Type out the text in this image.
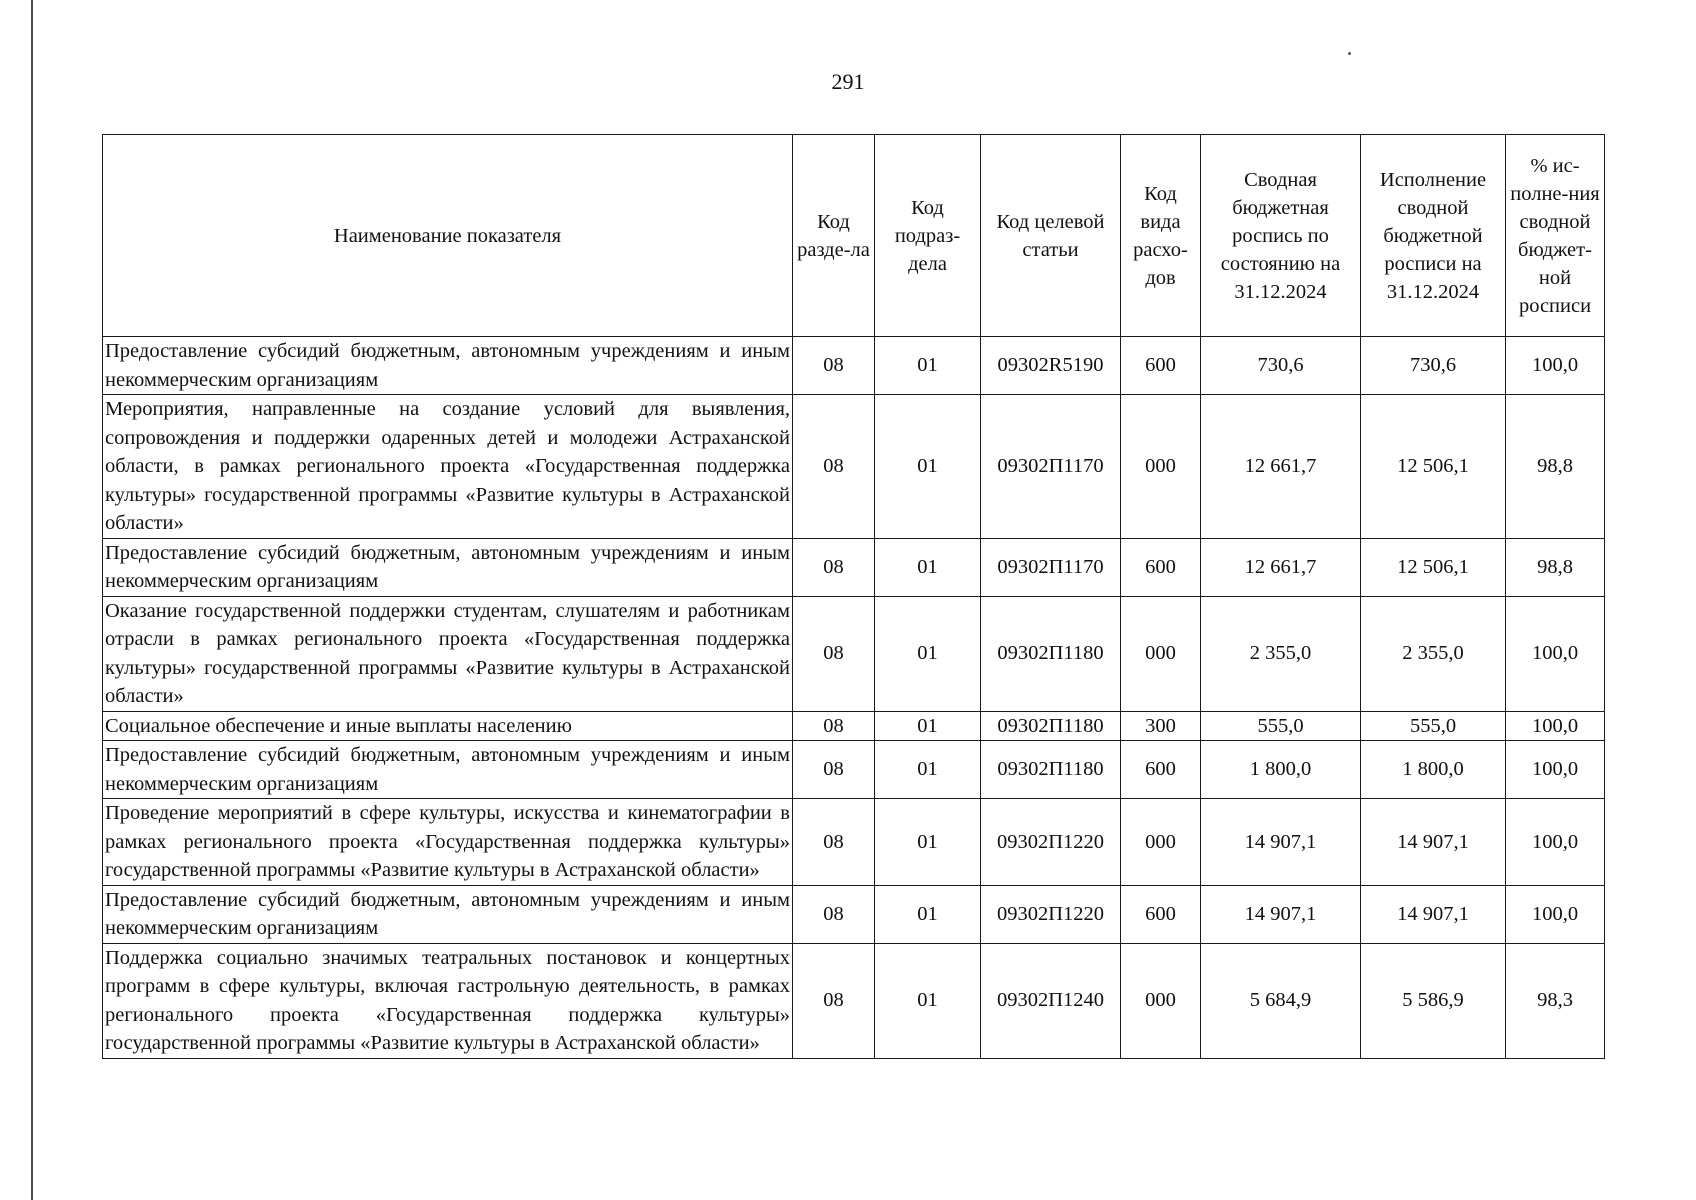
291
Наименование показателя	Код разде-ла	Код подраз-дела	Код целевой статьи	Код вида расхо-дов	Сводная бюджетная роспись по состоянию на 31.12.2024	Исполнение сводной бюджетной росписи на 31.12.2024	% ис-полне-ния сводной бюджет-ной росписи

Предоставление субсидий бюджетным, автономным учреждениям и иным некоммерческим организациям	08	01	09302R5190	600	730,6	730,6	100,0
Мероприятия, направленные на создание условий для выявления, сопровождения и поддержки одаренных детей и молодежи Астраханской области, в рамках регионального проекта «Государственная поддержка культуры» государственной программы «Развитие культуры в Астраханской области»	08	01	09302П1170	000	12 661,7	12 506,1	98,8
Предоставление субсидий бюджетным, автономным учреждениям и иным некоммерческим организациям	08	01	09302П1170	600	12 661,7	12 506,1	98,8
Оказание государственной поддержки студентам, слушателям и работникам отрасли в рамках регионального проекта «Государственная поддержка культуры» государственной программы «Развитие культуры в Астраханской области»	08	01	09302П1180	000	2 355,0	2 355,0	100,0
Социальное обеспечение и иные выплаты населению	08	01	09302П1180	300	555,0	555,0	100,0
Предоставление субсидий бюджетным, автономным учреждениям и иным некоммерческим организациям	08	01	09302П1180	600	1 800,0	1 800,0	100,0
Проведение мероприятий в сфере культуры, искусства и кинематографии в рамках регионального проекта «Государственная поддержка культуры» государственной программы «Развитие культуры в Астраханской области»	08	01	09302П1220	000	14 907,1	14 907,1	100,0
Предоставление субсидий бюджетным, автономным учреждениям и иным некоммерческим организациям	08	01	09302П1220	600	14 907,1	14 907,1	100,0
Поддержка социально значимых театральных постановок и концертных программ в сфере культуры, включая гастрольную деятельность, в рамках регионального проекта «Государственная поддержка культуры» государственной программы «Развитие культуры в Астраханской области»	08	01	09302П1240	000	5 684,9	5 586,9	98,3
